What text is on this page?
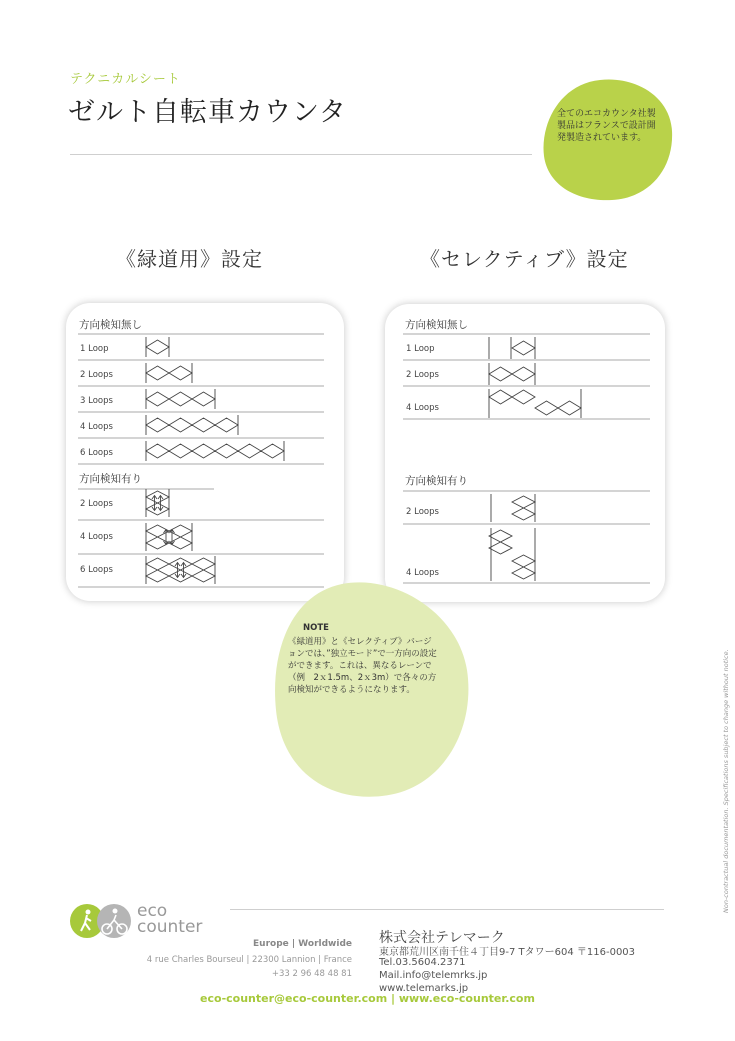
テクニカルシート
ゼルト自転車カウンタ	全てのエコカウンタ社製製品はフランスで設計開発製造されています。
《緑道用》設定	《セレクティブ》設定
方向検知無し
1 Loop
2 Loops
3 Loops
4 Loops
6 Loops
方向検知有り
2 Loops
4 Loops
6 Loops
方向検知無し
1 Loop
2 Loops
4 Loops
方向検知有り
2 Loops
4 Loops
NOTE
《緑道用》と《セレクティブ》バージョンでは、”独立モード”で一方向の設定ができます。これは、異なるレーンで（例　2ｘ1.5m、2ｘ3m）で各々の方向検知ができるようになります。	Non-contractual documentation. Specifications subject to change without notice.
eco
counter
Europe | Worldwide
4 rue Charles Bourseul | 22300 Lannion | France
+33 2 96 48 48 81
株式会社テレマーク
東京都荒川区南千住４丁目9-7 Tタワー604 〒116-0003
Tel.03.5604.2371
Mail.info@telemrks.jp
www.telemarks.jp
eco-counter@eco-counter.com | www.eco-counter.com
